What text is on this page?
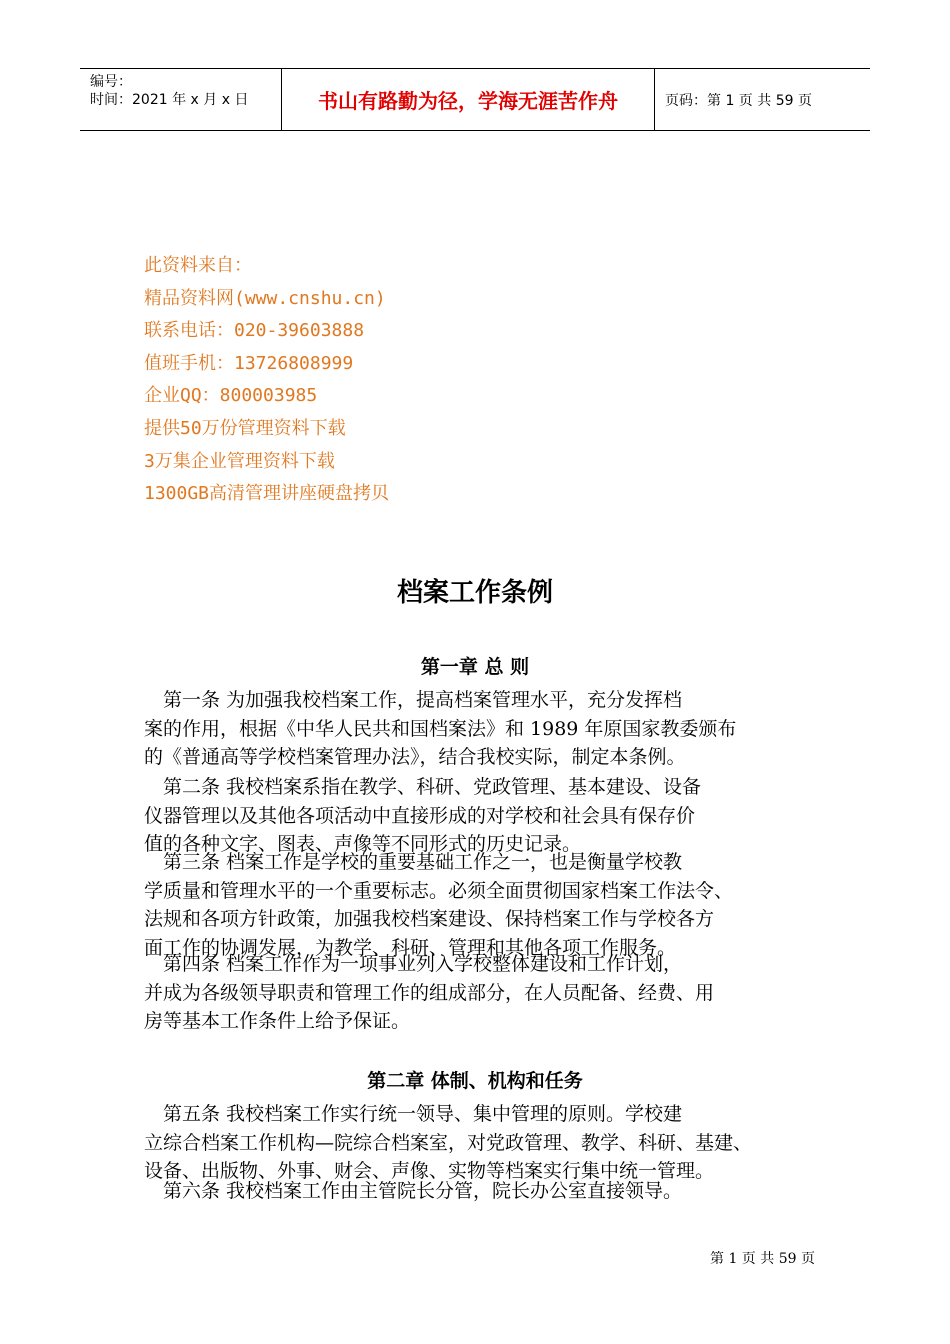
编号：
时间：2021 年 x 月 x 日	书山有路勤为径，学海无涯苦作舟	页码：第 1 页 共 59 页
此资料来自：
精品资料网(www.cnshu.cn)
联系电话：020-39603888
值班手机：13726808999
企业QQ：800003985
提供50万份管理资料下载
3万集企业管理资料下载
1300GB高清管理讲座硬盘拷贝
档案工作条例
第一章 总 则
　第一条 为加强我校档案工作，提高档案管理水平，充分发挥档
案的作用，根据《中华人民共和国档案法》和 1989 年原国家教委颁布
的《普通高等学校档案管理办法》，结合我校实际，制定本条例。
　第二条 我校档案系指在教学、科研、党政管理、基本建设、设备
仪器管理以及其他各项活动中直接形成的对学校和社会具有保存价
值的各种文字、图表、声像等不同形式的历史记录。
　第三条 档案工作是学校的重要基础工作之一，也是衡量学校教
学质量和管理水平的一个重要标志。必须全面贯彻国家档案工作法令、
法规和各项方针政策，加强我校档案建设、保持档案工作与学校各方
面工作的协调发展，为教学、科研、管理和其他各项工作服务。
　第四条 档案工作作为一项事业列入学校整体建设和工作计划，
并成为各级领导职责和管理工作的组成部分，在人员配备、经费、用
房等基本工作条件上给予保证。
第二章 体制、机构和任务
　第五条 我校档案工作实行统一领导、集中管理的原则。学校建
立综合档案工作机构—院综合档案室，对党政管理、教学、科研、基建、
设备、出版物、外事、财会、声像、实物等档案实行集中统一管理。
　第六条 我校档案工作由主管院长分管，院长办公室直接领导。
第 1 页 共 59 页
